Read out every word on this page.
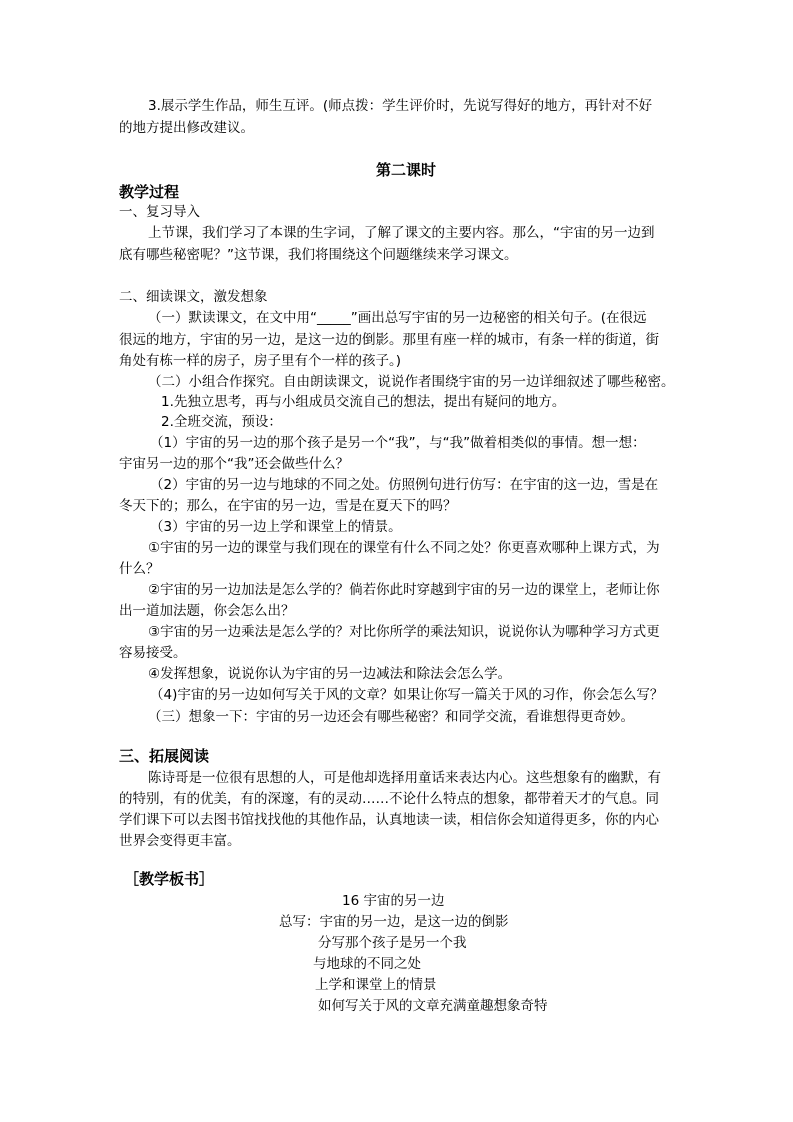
3.展示学生作品，师生互评。(师点拨：学生评价时，先说写得好的地方，再针对不好

的地方提出修改建议。

第二课时

教学过程

一、复习导入

上节课，我们学习了本课的生字词，了解了课文的主要内容。那么，“宇宙的另一边到

底有哪些秘密呢？”这节课，我们将围绕这个问题继续来学习课文。

二、细读课文，激发想象

（一）默读课文，在文中用“_____”画出总写宇宙的另一边秘密的相关句子。(在很远

很远的地方，宇宙的另一边，是这一边的倒影。那里有座一样的城市，有条一样的街道，街

角处有栋一样的房子，房子里有个一样的孩子。)

（二）小组合作探究。自由朗读课文，说说作者围绕宇宙的另一边详细叙述了哪些秘密。

1.先独立思考，再与小组成员交流自己的想法，提出有疑问的地方。

2.全班交流，预设：

（1）宇宙的另一边的那个孩子是另一个“我”，与“我”做着相类似的事情。想一想：

宇宙另一边的那个“我”还会做些什么？

（2）宇宙的另一边与地球的不同之处。仿照例句进行仿写：在宇宙的这一边，雪是在

冬天下的；那么，在宇宙的另一边，雪是在夏天下的吗？

（3）宇宙的另一边上学和课堂上的情景。

①宇宙的另一边的课堂与我们现在的课堂有什么不同之处？你更喜欢哪种上课方式，为

什么？

②宇宙的另一边加法是怎么学的？倘若你此时穿越到宇宙的另一边的课堂上，老师让你

出一道加法题，你会怎么出？

③宇宙的另一边乘法是怎么学的？对比你所学的乘法知识，说说你认为哪种学习方式更

容易接受。

④发挥想象，说说你认为宇宙的另一边减法和除法会怎么学。

（4)宇宙的另一边如何写关于风的文章？如果让你写一篇关于风的习作，你会怎么写？

（三）想象一下：宇宙的另一边还会有哪些秘密？和同学交流，看谁想得更奇妙。

三、拓展阅读

陈诗哥是一位很有思想的人，可是他却选择用童话来表达内心。这些想象有的幽默，有

的特别，有的优美，有的深邃，有的灵动……不论什么特点的想象，都带着天才的气息。同

学们课下可以去图书馆找找他的其他作品，认真地读一读，相信你会知道得更多，你的内心

世界会变得更丰富。

［教学板书］

16 宇宙的另一边

总写：宇宙的另一边，是这一边的倒影

分写那个孩子是另一个我

与地球的不同之处

上学和课堂上的情景

如何写关于风的文章充满童趣想象奇特
